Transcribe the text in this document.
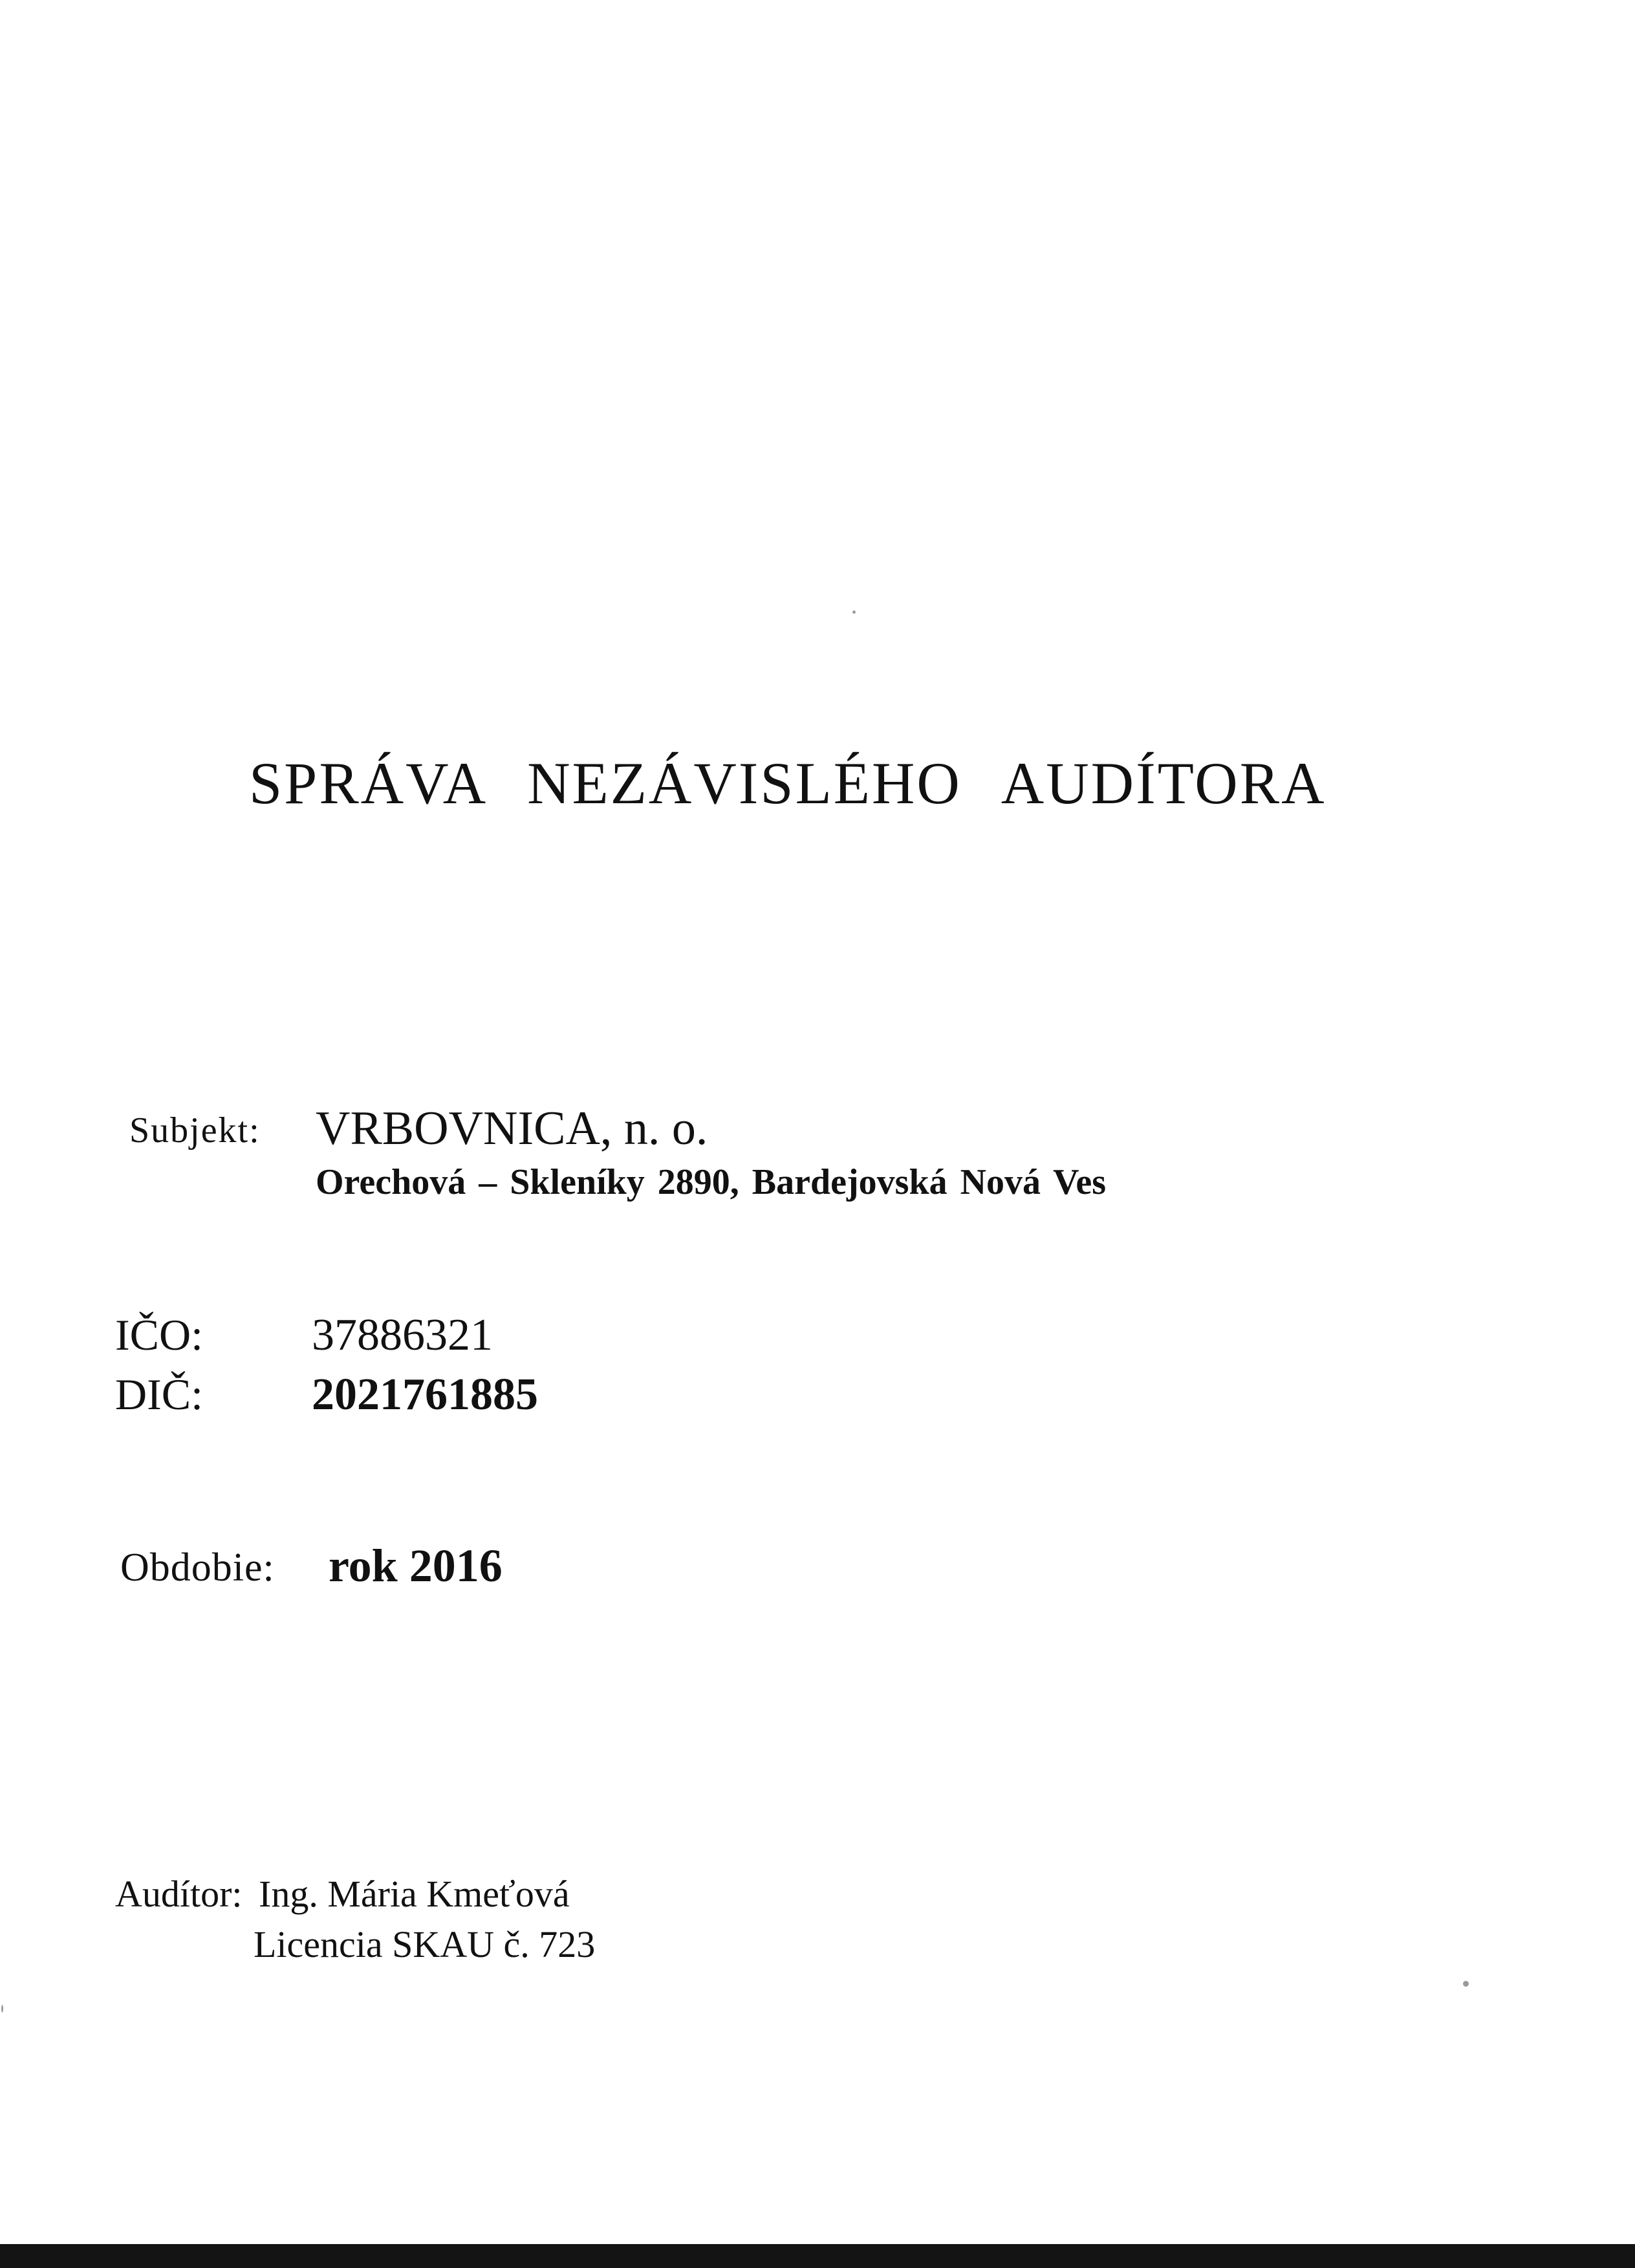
SPRÁVA NEZÁVISLÉHO AUDÍTORA
Subjekt: VRBOVNICA, n. o.
Orechová – Skleníky 2890, Bardejovská Nová Ves
IČO: 37886321
DIČ: 2021761885
Obdobie: rok 2016
Audítor: Ing. Mária Kmeťová
Licencia SKAU č. 723
